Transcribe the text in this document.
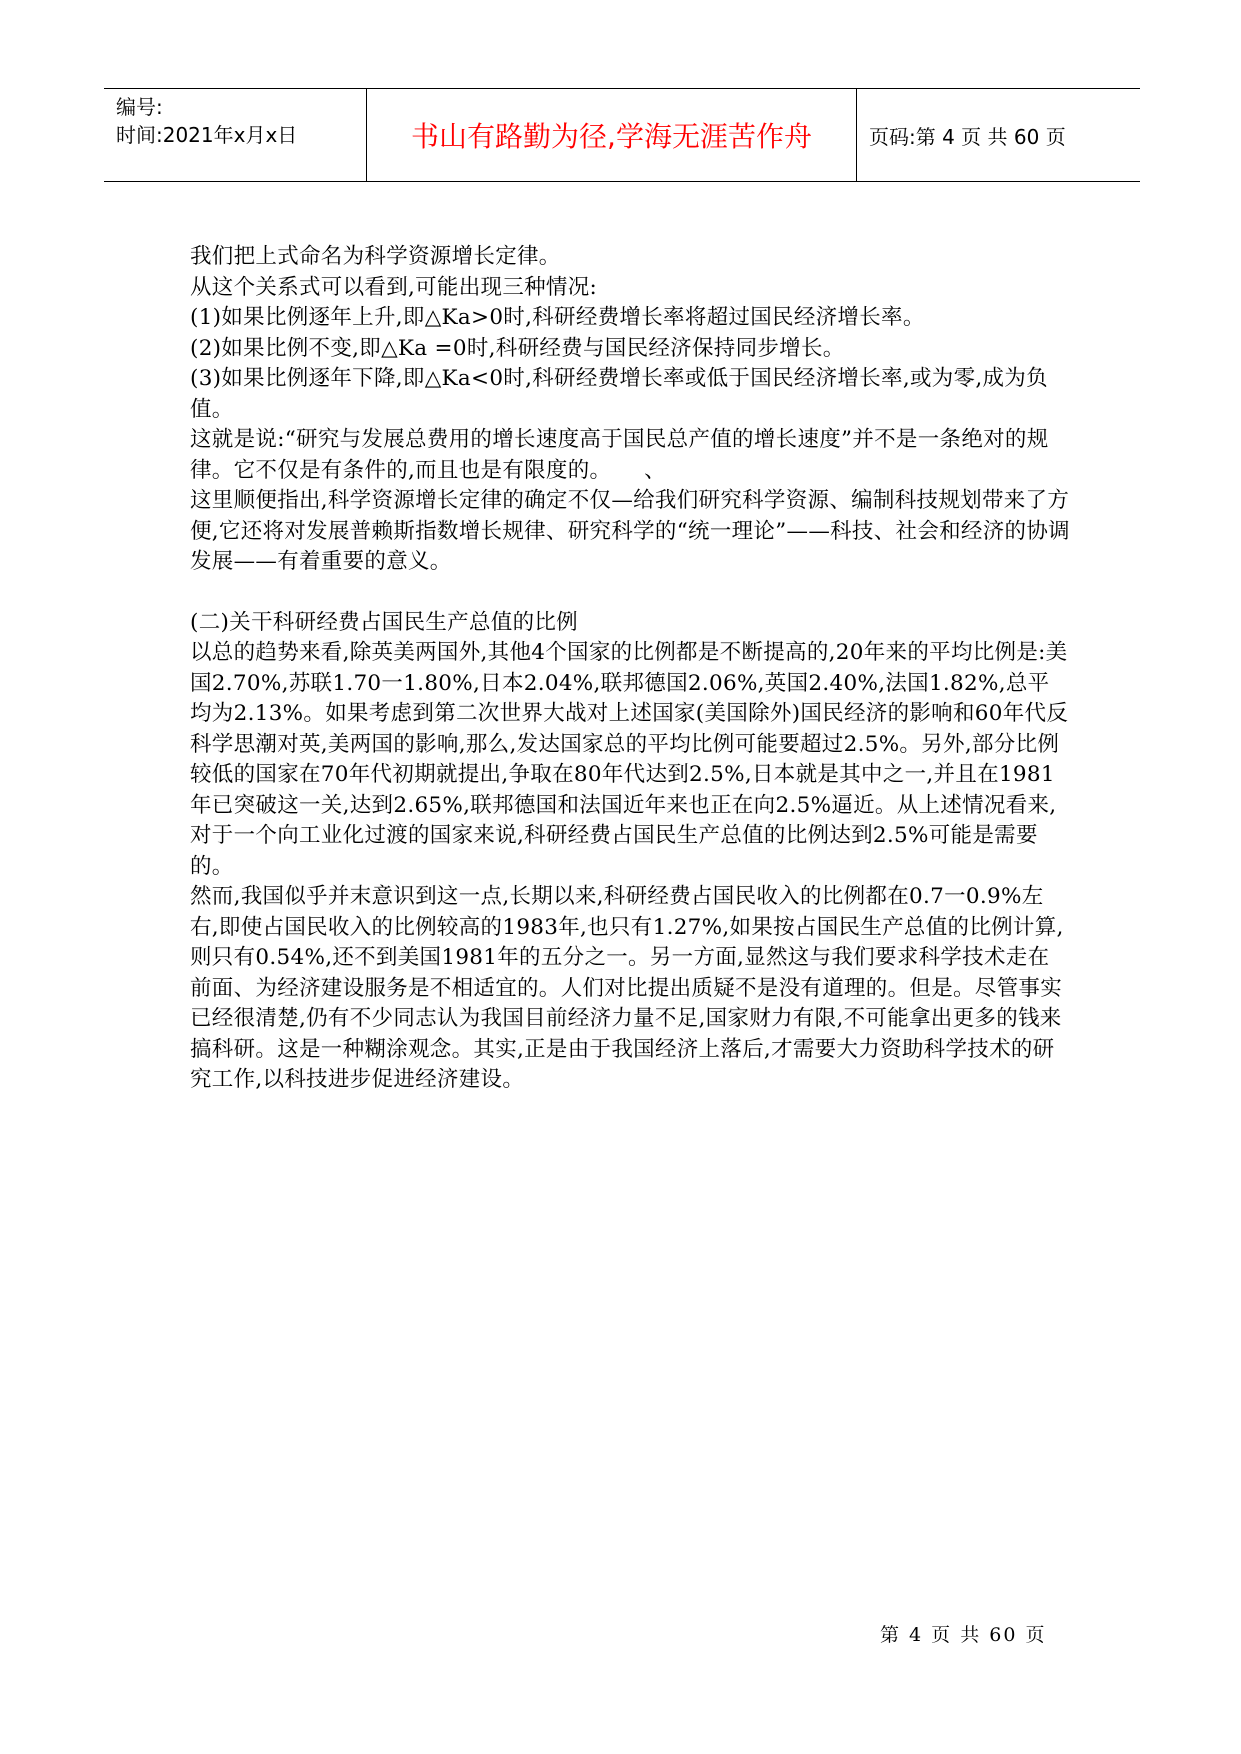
编号:
时间:2021年x月x日	书山有路勤为径,学海无涯苦作舟	页码:第 4 页 共 60 页

我们把上式命名为科学资源增长定律。

从这个关系式可以看到,可能出现三种情况:

(1)如果比例逐年上升,即△Ka>0时,科研经费增长率将超过国民经济增长率。

(2)如果比例不变,即△Ka =0时,科研经费与国民经济保持同步增长。

(3)如果比例逐年下降,即△Ka<0时,科研经费增长率或低于国民经济增长率,或为零,成为负值。

这就是说:“研究与发展总费用的增长速度高于国民总产值的增长速度”并不是一条绝对的规律。它不仅是有条件的,而且也是有限度的。　　、

这里顺便指出,科学资源增长定律的确定不仅—给我们研究科学资源、编制科技规划带来了方便,它还将对发展普赖斯指数增长规律、研究科学的“统一理论”——科技、社会和经济的协调发展——有着重要的意义。

(二)关干科研经费占国民生产总值的比例

以总的趋势来看,除英美两国外,其他4个国家的比例都是不断提高的,20年来的平均比例是:美国2.70%,苏联1.70一1.80%,日本2.04%,联邦德国2.06%,英国2.40%,法国1.82%,总平均为2.13%。如果考虑到第二次世界大战对上述国家(美国除外)国民经济的影响和60年代反科学思潮对英,美两国的影响,那么,发达国家总的平均比例可能要超过2.5%。另外,部分比例较低的国家在70年代初期就提出,争取在80年代达到2.5%,日本就是其中之一,并且在1981年已突破这一关,达到2.65%,联邦德国和法国近年来也正在向2.5%逼近。从上述情况看来,对于一个向工业化过渡的国家来说,科研经费占国民生产总值的比例达到2.5%可能是需要的。

然而,我国似乎并末意识到这一点,长期以来,科研经费占国民收入的比例都在0.7一0.9%左右,即使占国民收入的比例较高的1983年,也只有1.27%,如果按占国民生产总值的比例计算,则只有0.54%,还不到美国1981年的五分之一。另一方面,显然这与我们要求科学技术走在前面、为经济建设服务是不相适宜的。人们对比提出质疑不是没有道理的。但是。尽管事实已经很清楚,仍有不少同志认为我国目前经济力量不足,国家财力有限,不可能拿出更多的钱来搞科研。这是一种糊涂观念。其实,正是由于我国经济上落后,才需要大力资助科学技术的研究工作,以科技进步促进经济建设。

第 4 页 共 60 页
